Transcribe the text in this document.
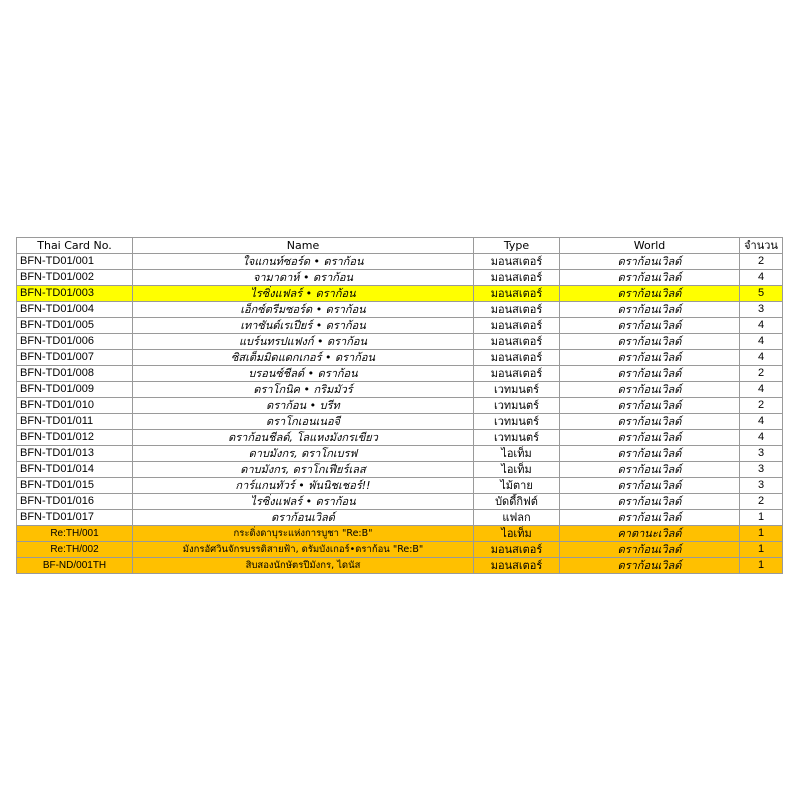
Thai Card No.	Name	Type	World	จำนวน
BFN-TD01/001	ใจแกนท์ซอร์ด • ดราก้อน	มอนสเตอร์	ดราก้อนเวิลด์	2
BFN-TD01/002	จามาดาห์ • ดราก้อน	มอนสเตอร์	ดราก้อนเวิลด์	4
BFN-TD01/003	ไรซิ่งแฟลร์ • ดราก้อน	มอนสเตอร์	ดราก้อนเวิลด์	5
BFN-TD01/004	เอ็กซ์ตรีมซอร์ด • ดราก้อน	มอนสเตอร์	ดราก้อนเวิลด์	3
BFN-TD01/005	เทาซันด์เรเปียร์ • ดราก้อน	มอนสเตอร์	ดราก้อนเวิลด์	4
BFN-TD01/006	แบร์นทรปแฟงก์ • ดราก้อน	มอนสเตอร์	ดราก้อนเวิลด์	4
BFN-TD01/007	ซิสเต็มมิดแดกเกอร์ • ดราก้อน	มอนสเตอร์	ดราก้อนเวิลด์	4
BFN-TD01/008	บรอนซ์ชีลด์ • ดราก้อน	มอนสเตอร์	ดราก้อนเวิลด์	2
BFN-TD01/009	ดราโกนิค • กริมมัวร์	เวทมนตร์	ดราก้อนเวิลด์	4
BFN-TD01/010	ดราก้อน • บรีท	เวทมนตร์	ดราก้อนเวิลด์	2
BFN-TD01/011	ดราโกเอนเนอจี	เวทมนตร์	ดราก้อนเวิลด์	4
BFN-TD01/012	ดราก้อนชีลด์, โลแหงมังกรเขียว	เวทมนตร์	ดราก้อนเวิลด์	4
BFN-TD01/013	ดาบมังกร, ดราโกเบรฟ	ไอเท็ม	ดราก้อนเวิลด์	3
BFN-TD01/014	ดาบมังกร, ดราโกเฟียร์เลส	ไอเท็ม	ดราก้อนเวิลด์	3
BFN-TD01/015	การ์แกนทัวร์ • พันนิชเชอร์!!	ไม้ตาย	ดราก้อนเวิลด์	3
BFN-TD01/016	ไรซิ่งแฟลร์ • ดราก้อน	บัดดี้กิฟต์	ดราก้อนเวิลด์	2
BFN-TD01/017	ดราก้อนเวิลด์	แฟลก	ดราก้อนเวิลด์	1
Re:TH/001	กระดิ่งดาบุระแห่งการบูชา "Re:B"	ไอเท็ม	คาตานะเวิลด์	1
Re:TH/002	มังกรอัศวินจักรบรรดิสายฟ้า, ดรัมบังเกอร์•ดราก้อน "Re:B"	มอนสเตอร์	ดราก้อนเวิลด์	1
BF-ND/001TH	สิบสองนักษัตรปีมังกร, ไดนัส	มอนสเตอร์	ดราก้อนเวิลด์	1
